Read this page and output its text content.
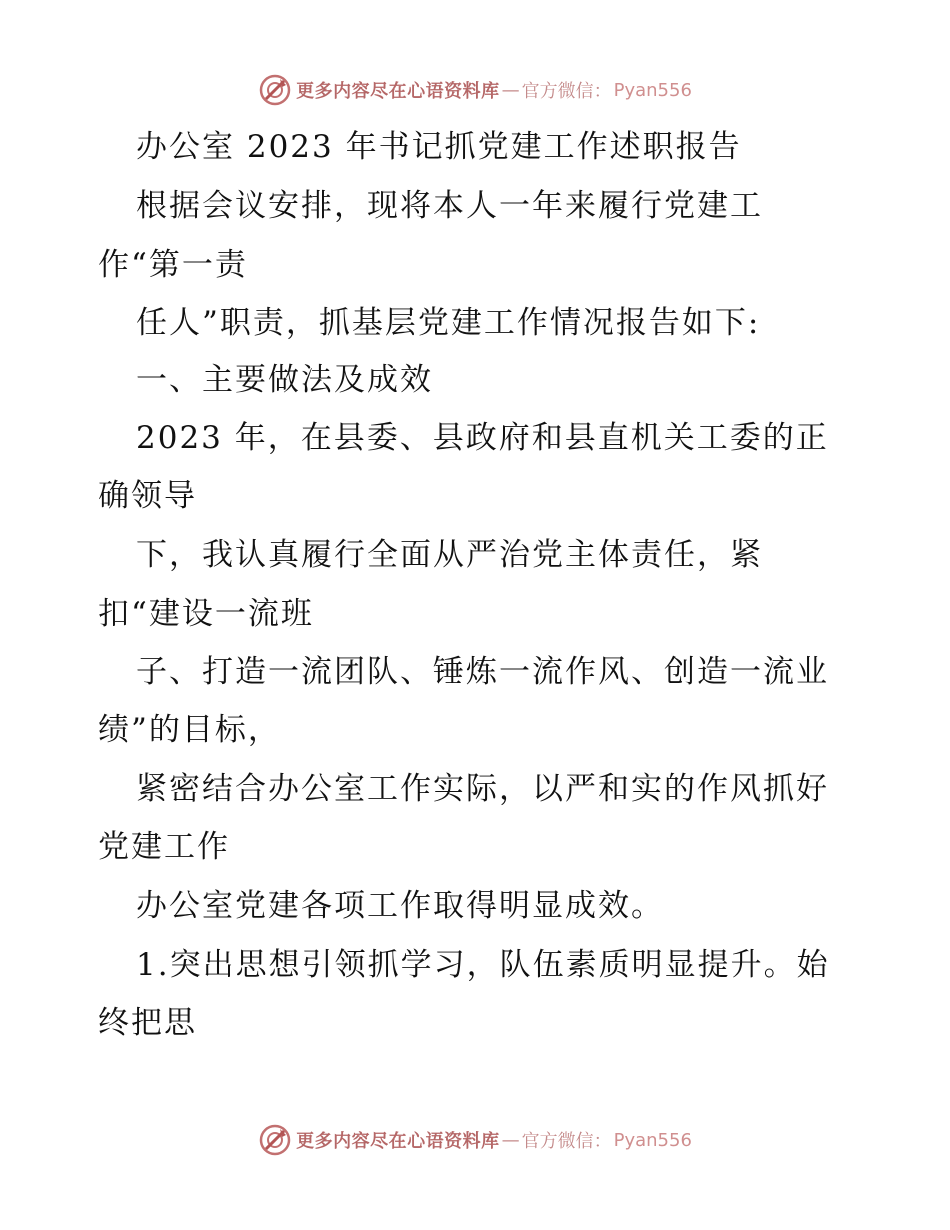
更多内容尽在心语资料库 — 官方微信： Pyan556
办公室 2023 年书记抓党建工作述职报告
根据会议安排，现将本人一年来履行党建工
作“第一责
任人”职责，抓基层党建工作情况报告如下:
一、主要做法及成效
2023 年，在县委、县政府和县直机关工委的正
确领导
下，我认真履行全面从严治党主体责任，紧
扣“建设一流班
子、打造一流团队、锤炼一流作风、创造一流业
绩”的目标，
紧密结合办公室工作实际，以严和实的作风抓好
党建工作
办公室党建各项工作取得明显成效。
1.突出思想引领抓学习，队伍素质明显提升。始
终把思
更多内容尽在心语资料库 — 官方微信： Pyan556
